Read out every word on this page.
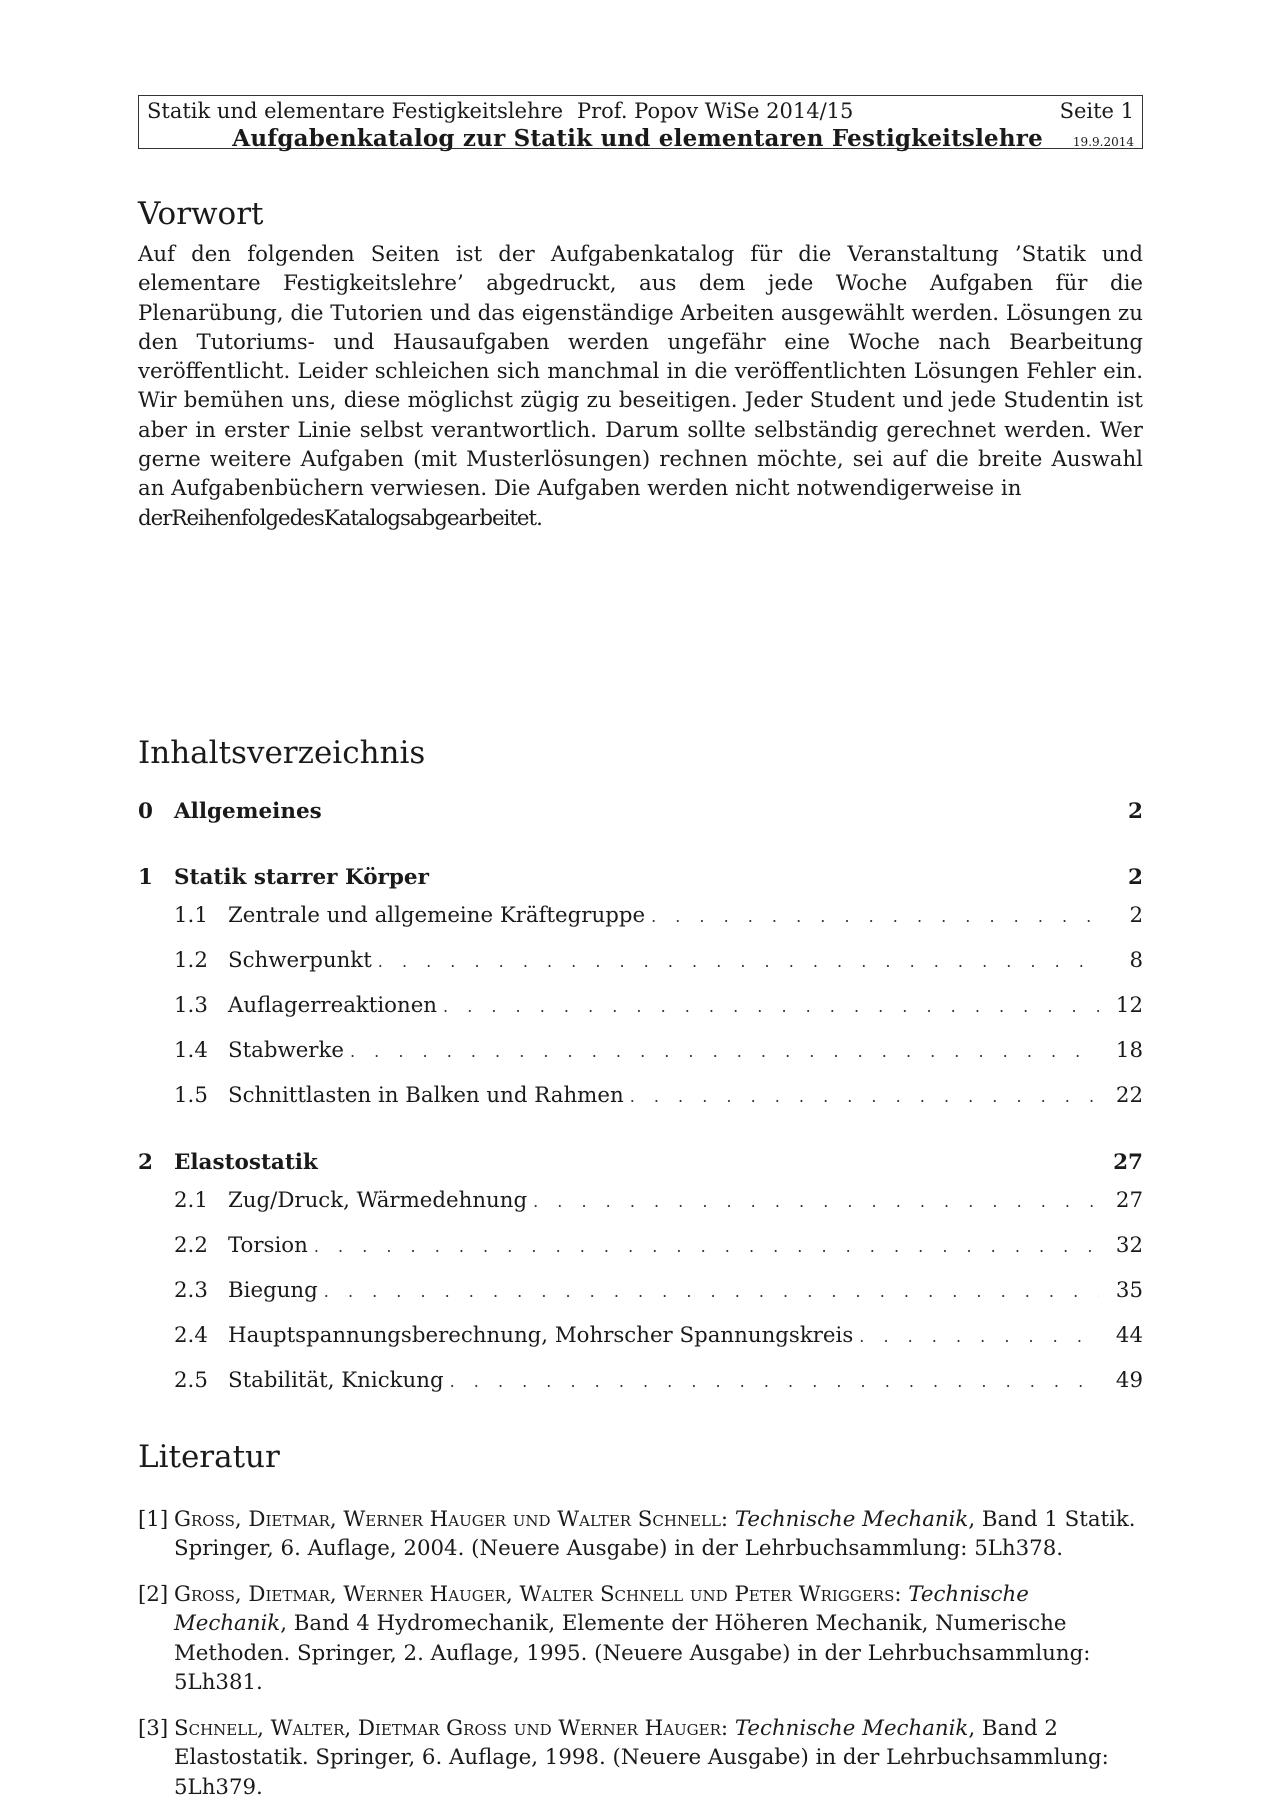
Statik und elementare Festigkeitslehre Prof. Popov WiSe 2014/15	Seite 1
Aufgabenkatalog zur Statik und elementaren Festigkeitslehre	19.9.2014
Vorwort
Auf den folgenden Seiten ist der Aufgabenkatalog für die Veranstaltung ’Statik und elementare Festigkeitslehre’ abgedruckt, aus dem jede Woche Aufgaben für die Plenarübung, die Tutorien und das eigenständige Arbeiten ausgewählt werden. Lösungen zu den Tutoriums- und Hausaufgaben werden ungefähr eine Woche nach Bearbeitung veröffentlicht. Leider schleichen sich manchmal in die veröffentlichten Lösungen Fehler ein. Wir bemühen uns, diese möglichst zügig zu beseitigen. Jeder Student und jede Studentin ist aber in erster Linie selbst verantwortlich. Darum sollte selbständig gerechnet werden. Wer gerne weitere Aufgaben (mit Musterlösungen) rechnen möchte, sei auf die breite Auswahl an Aufgabenbüchern verwiesen. Die Aufgaben werden nicht notwendigerweise in
derReihenfolgedesKatalogsabgearbeitet.
Inhaltsverzeichnis
0 Allgemeines	2
1 Statik starrer Körper	2
1.1 Zentrale und allgemeine Kräftegruppe . . .	2
1.2 Schwerpunkt . . .	8
1.3 Auflagerreaktionen . . .	12
1.4 Stabwerke . . .	18
1.5 Schnittlasten in Balken und Rahmen . . .	22
2 Elastostatik	27
2.1 Zug/Druck, Wärmedehnung . . .	27
2.2 Torsion . . .	32
2.3 Biegung . . .	35
2.4 Hauptspannungsberechnung, Mohrscher Spannungskreis . . .	44
2.5 Stabilität, Knickung . . .	49
Literatur
[1] Gross, Dietmar, Werner Hauger und Walter Schnell: Technische Mechanik, Band 1 Statik. Springer, 6. Auflage, 2004. (Neuere Ausgabe) in der Lehrbuchsammlung: 5Lh378.
[2] Gross, Dietmar, Werner Hauger, Walter Schnell und Peter Wriggers: Technische Mechanik, Band 4 Hydromechanik, Elemente der Höheren Mechanik, Numerische Methoden. Springer, 2. Auflage, 1995. (Neuere Ausgabe) in der Lehrbuchsammlung: 5Lh381.
[3] Schnell, Walter, Dietmar Gross und Werner Hauger: Technische Mechanik, Band 2 Elastostatik. Springer, 6. Auflage, 1998. (Neuere Ausgabe) in der Lehrbuchsammlung: 5Lh379.
